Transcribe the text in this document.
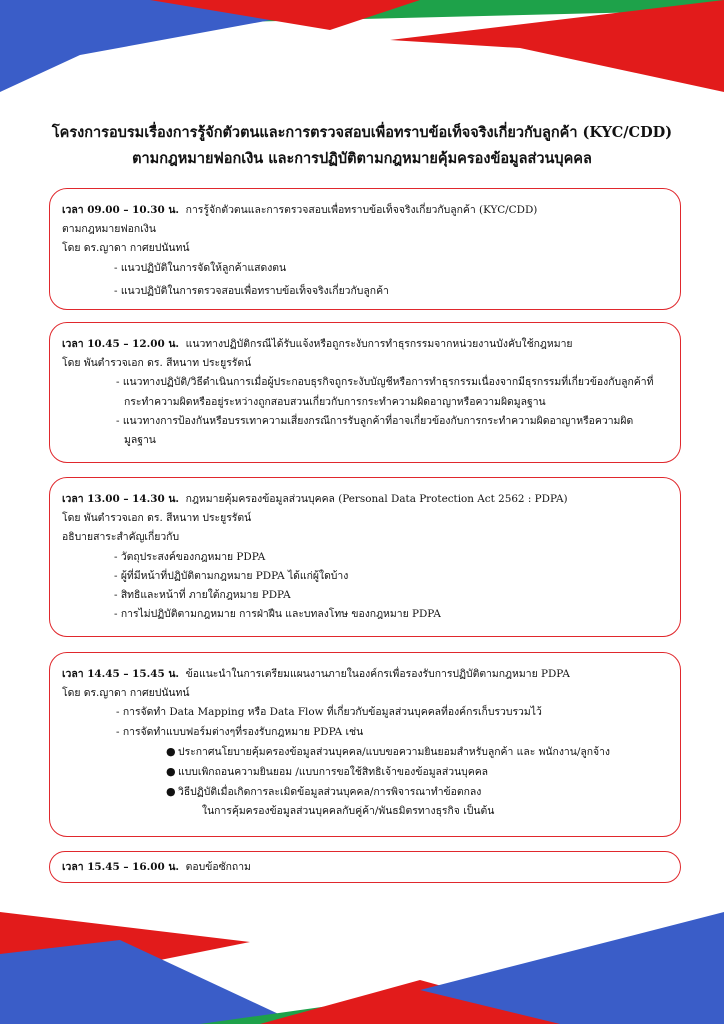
โครงการอบรมเรื่องการรู้จักตัวตนและการตรวจสอบเพื่อทราบข้อเท็จจริงเกี่ยวกับลูกค้า (KYC/CDD)
ตามกฎหมายฟอกเงิน และการปฏิบัติตามกฎหมายคุ้มครองข้อมูลส่วนบุคคล
เวลา 09.00 – 10.30 น. การรู้จักตัวตนและการตรวจสอบเพื่อทราบข้อเท็จจริงเกี่ยวกับลูกค้า (KYC/CDD)
ตามกฎหมายฟอกเงิน
โดย ดร.ญาดา กาศยปนันทน์
- แนวปฏิบัติในการจัดให้ลูกค้าแสดงตน
- แนวปฏิบัติในการตรวจสอบเพื่อทราบข้อเท็จจริงเกี่ยวกับลูกค้า
เวลา 10.45 – 12.00 น. แนวทางปฏิบัติกรณีได้รับแจ้งหรือถูกระงับการทำธุรกรรมจากหน่วยงานบังคับใช้กฎหมาย
โดย พันตำรวจเอก ดร. สีหนาท ประยูรรัตน์
- แนวทางปฏิบัติ/วิธีดำเนินการเมื่อผู้ประกอบธุรกิจถูกระงับบัญชีหรือการทำธุรกรรมเนื่องจากมีธุรกรรมที่เกี่ยวข้องกับลูกค้าที่กระทำความผิดหรืออยู่ระหว่างถูกสอบสวนเกี่ยวกับการกระทำความผิดอาญาหรือความผิดมูลฐาน
- แนวทางการป้องกันหรือบรรเทาความเสี่ยงกรณีการรับลูกค้าที่อาจเกี่ยวข้องกับการกระทำความผิดอาญาหรือความผิดมูลฐาน
เวลา 13.00 – 14.30 น. กฎหมายคุ้มครองข้อมูลส่วนบุคคล (Personal Data Protection Act 2562 : PDPA)
โดย พันตำรวจเอก ดร. สีหนาท ประยูรรัตน์
อธิบายสาระสำคัญเกี่ยวกับ
- วัตถุประสงค์ของกฎหมาย PDPA
- ผู้ที่มีหน้าที่ปฏิบัติตามกฎหมาย PDPA ได้แก่ผู้ใดบ้าง
- สิทธิและหน้าที่ ภายใต้กฎหมาย PDPA
- การไม่ปฏิบัติตามกฎหมาย การฝ่าฝืน และบทลงโทษ ของกฎหมาย PDPA
เวลา 14.45 – 15.45 น. ข้อแนะนำในการเตรียมแผนงานภายในองค์กรเพื่อรองรับการปฏิบัติตามกฎหมาย PDPA
โดย ดร.ญาดา กาศยปนันทน์
- การจัดทำ Data Mapping หรือ Data Flow ที่เกี่ยวกับข้อมูลส่วนบุคคลที่องค์กรเก็บรวบรวมไว้
- การจัดทำแบบฟอร์มต่างๆที่รองรับกฎหมาย PDPA เช่น
● ประกาศนโยบายคุ้มครองข้อมูลส่วนบุคคล/แบบขอความยินยอมสำหรับลูกค้า และ พนักงาน/ลูกจ้าง
● แบบเพิกถอนความยินยอม /แบบการขอใช้สิทธิเจ้าของข้อมูลส่วนบุคคล
● วิธีปฏิบัติเมื่อเกิดการละเมิดข้อมูลส่วนบุคคล/การพิจารณาทำข้อตกลง
ในการคุ้มครองข้อมูลส่วนบุคคลกับคู่ค้า/พันธมิตรทางธุรกิจ เป็นต้น
เวลา 15.45 – 16.00 น. ตอบข้อซักถาม
